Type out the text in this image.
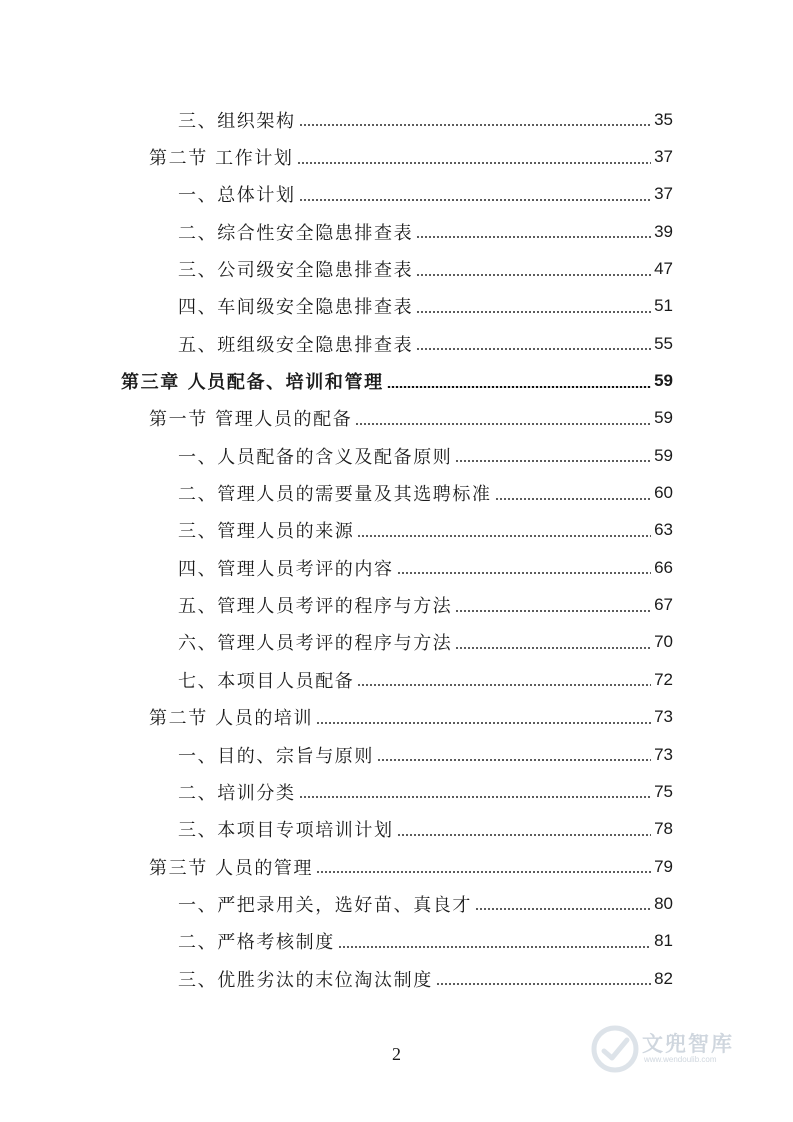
三、组织架构	35
第二节 工作计划	37
一、总体计划	37
二、综合性安全隐患排查表	39
三、公司级安全隐患排查表	47
四、车间级安全隐患排查表	51
五、班组级安全隐患排查表	55
第三章 人员配备、培训和管理	59
第一节 管理人员的配备	59
一、人员配备的含义及配备原则	59
二、管理人员的需要量及其选聘标准	60
三、管理人员的来源	63
四、管理人员考评的内容	66
五、管理人员考评的程序与方法	67
六、管理人员考评的程序与方法	70
七、本项目人员配备	72
第二节 人员的培训	73
一、目的、宗旨与原则	73
二、培训分类	75
三、本项目专项培训计划	78
第三节 人员的管理	79
一、严把录用关，选好苗、真良才	80
二、严格考核制度	81
三、优胜劣汰的末位淘汰制度	82
2	文兜智库
www.wendoulib.com
